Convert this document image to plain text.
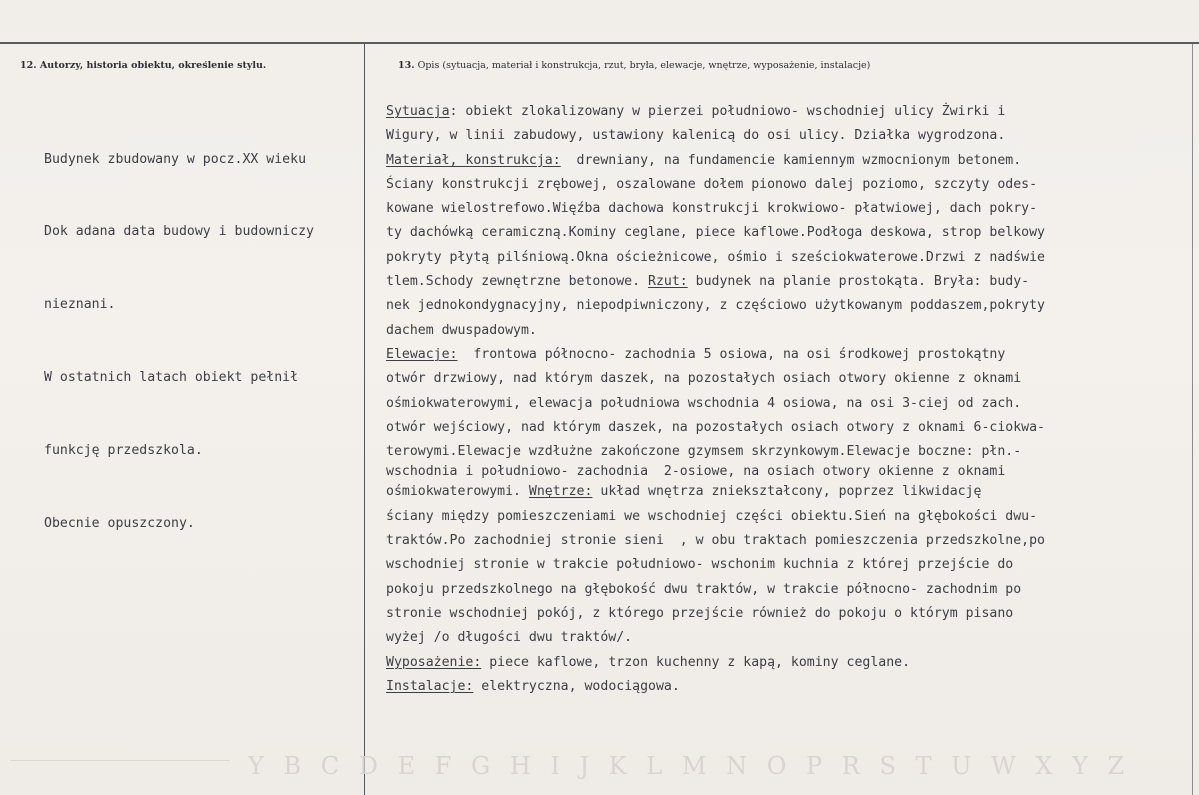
12. Autorzy, historia obiektu, określenie stylu.	13. Opis (sytuacja, materiał i konstrukcja, rzut, bryła, elewacje, wnętrze, wyposażenie, instalacje)

Budynek zbudowany w pocz.XX wieku

Dok adana data budowy i budowniczy

nieznani.

W ostatnich latach obiekt pełnił

funkcję przedszkola.

Obecnie opuszczony.

Sytuacja: obiekt zlokalizowany w pierzei południowo- wschodniej ulicy Żwirki i
Wigury, w linii zabudowy, ustawiony kalenicą do osi ulicy. Działka wygrodzona.
Materiał, konstrukcja:  drewniany, na fundamencie kamiennym wzmocnionym betonem.
Ściany konstrukcji zrębowej, oszalowane dołem pionowo dalej poziomo, szczyty odes-
kowane wielostrefowo.Więźba dachowa konstrukcji krokwiowo- płatwiowej, dach pokry-
ty dachówką ceramiczną.Kominy ceglane, piece kaflowe.Podłoga deskowa, strop belkowy
pokryty płytą pilśniową.Okna ościeżnicowe, ośmio i sześciokwaterowe.Drzwi z nadświe
tlem.Schody zewnętrzne betonowe. Rzut: budynek na planie prostokąta. Bryła: budy-
nek jednokondygnacyjny, niepodpiwniczony, z częściowo użytkowanym poddaszem,pokryty
dachem dwuspadowym.
Elewacje:  frontowa północno- zachodnia 5 osiowa, na osi środkowej prostokątny
otwór drzwiowy, nad którym daszek, na pozostałych osiach otwory okienne z oknami
ośmiokwaterowymi, elewacja południowa wschodnia 4 osiowa, na osi 3-ciej od zach.
otwór wejściowy, nad którym daszek, na pozostałych osiach otwory z oknami 6-ciokwa-
terowymi.Elewacje wzdłużne zakończone gzymsem skrzynkowym.Elewacje boczne: płn.-
wschodnia i południowo- zachodnia  2-osiowe, na osiach otwory okienne z oknami
ośmiokwaterowymi. Wnętrze: układ wnętrza zniekształcony, poprzez likwidację
ściany między pomieszczeniami we wschodniej części obiektu.Sień na głębokości dwu-
traktów.Po zachodniej stronie sieni  , w obu traktach pomieszczenia przedszkolne,po
wschodniej stronie w trakcie południowo- wschonim kuchnia z której przejście do
pokoju przedszkolnego na głębokość dwu traktów, w trakcie północno- zachodnim po
stronie wschodniej pokój, z którego przejście również do pokoju o którym pisano
wyżej /o długości dwu traktów/.
Wyposażenie: piece kaflowe, trzon kuchenny z kapą, kominy ceglane.
Instalacje: elektryczna, wodociągowa.
Y B C D E F G H I J K L M N O P R S T U W X Y Z
